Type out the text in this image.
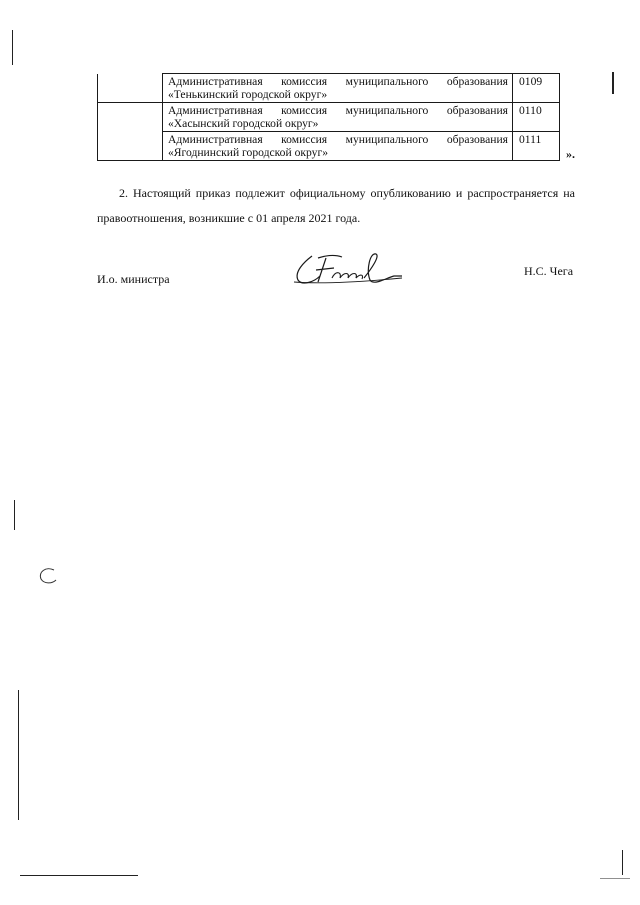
	Административная комиссия муниципального образования
«Тенькинский городской округ»	0109

	Административная комиссия муниципального образования
«Хасынский городской округ»	0110

	Административная комиссия муниципального образования
«Ягоднинский городской округ»	0111
».
2. Настоящий приказ подлежит официальному опубликованию и распространяется на правоотношения, возникшие с 01 апреля 2021 года.
И.о. министра
Н.С. Чега
